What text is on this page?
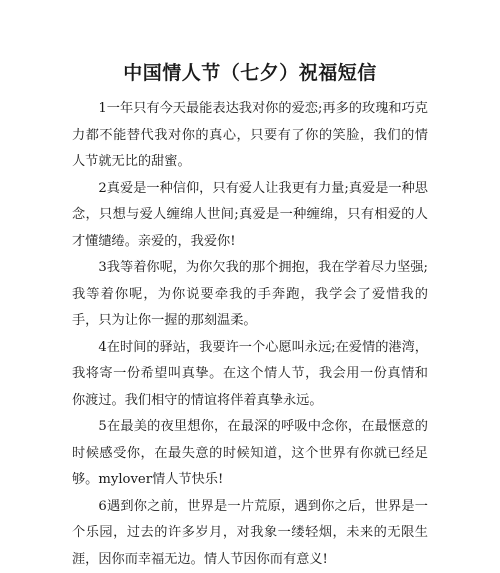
中国情人节（七夕）祝福短信

1一年只有今天最能表达我对你的爱恋;再多的玫瑰和巧克力都不能替代我对你的真心，只要有了你的笑脸，我们的情人节就无比的甜蜜。

2真爱是一种信仰，只有爱人让我更有力量;真爱是一种思念，只想与爱人缠绵人世间;真爱是一种缠绵，只有相爱的人才懂缱绻。亲爱的，我爱你!

3我等着你呢，为你欠我的那个拥抱，我在学着尽力坚强;我等着你呢，为你说要牵我的手奔跑，我学会了爱惜我的手，只为让你一握的那刻温柔。

4在时间的驿站，我要许一个心愿叫永远;在爱情的港湾，我将寄一份希望叫真挚。在这个情人节，我会用一份真情和你渡过。我们相守的情谊将伴着真挚永远。

5在最美的夜里想你，在最深的呼吸中念你，在最惬意的时候感受你，在最失意的时候知道，这个世界有你就已经足够。mylover情人节快乐!

6遇到你之前，世界是一片荒原，遇到你之后，世界是一个乐园，过去的许多岁月，对我象一缕轻烟，未来的无限生涯，因你而幸福无边。情人节因你而有意义!
